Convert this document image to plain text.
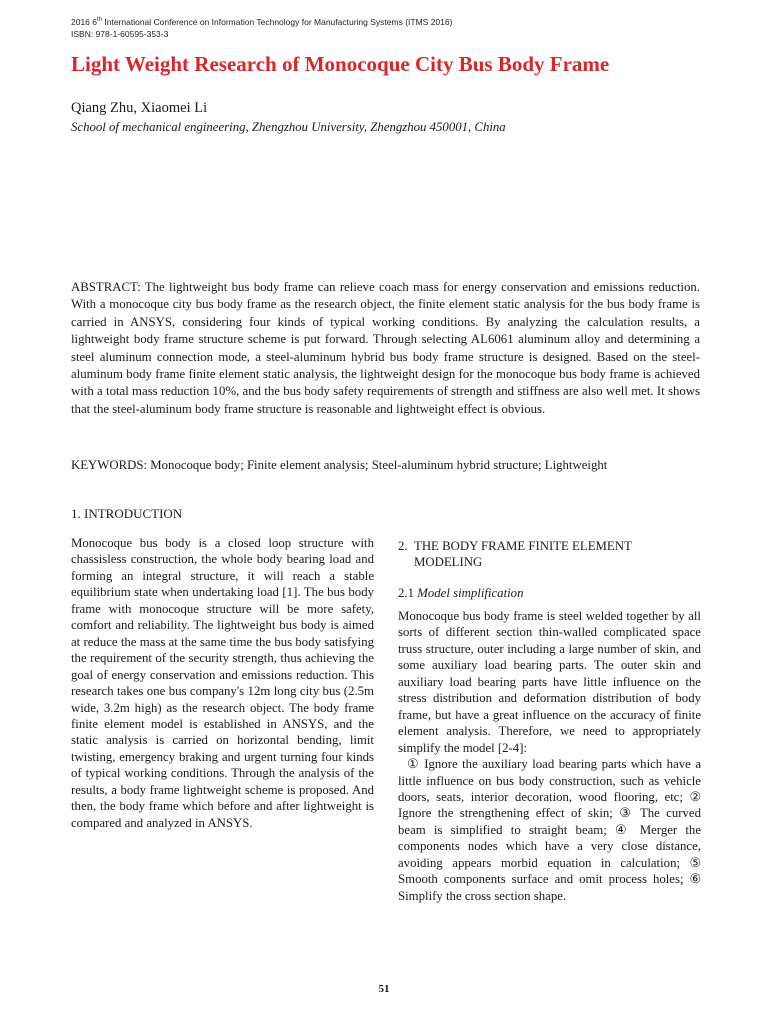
2016 6th International Conference on Information Technology for Manufacturing Systems (ITMS 2016)
ISBN: 978-1-60595-353-3
Light Weight Research of Monocoque City Bus Body Frame
Qiang Zhu, Xiaomei Li
School of mechanical engineering, Zhengzhou University, Zhengzhou 450001, China
ABSTRACT: The lightweight bus body frame can relieve coach mass for energy conservation and emissions reduction. With a monocoque city bus body frame as the research object, the finite element static analysis for the bus body frame is carried in ANSYS, considering four kinds of typical working conditions. By analyzing the calculation results, a lightweight body frame structure scheme is put forward. Through selecting AL6061 aluminum alloy and determining a steel aluminum connection mode, a steel-aluminum hybrid bus body frame structure is designed. Based on the steel-aluminum body frame finite element static analysis, the lightweight design for the monocoque bus body frame is achieved with a total mass reduction 10%, and the bus body safety requirements of strength and stiffness are also well met. It shows that the steel-aluminum body frame structure is reasonable and lightweight effect is obvious.
KEYWORDS: Monocoque body; Finite element analysis; Steel-aluminum hybrid structure; Lightweight
1. INTRODUCTION
Monocoque bus body is a closed loop structure with chassisless construction, the whole body bearing load and forming an integral structure, it will reach a stable equilibrium state when undertaking load [1]. The bus body frame with monocoque structure will be more safety, comfort and reliability. The lightweight bus body is aimed at reduce the mass at the same time the bus body satisfying the requirement of the security strength, thus achieving the goal of energy conservation and emissions reduction. This research takes one bus company's 12m long city bus (2.5m wide, 3.2m high) as the research object. The body frame finite element model is established in ANSYS, and the static analysis is carried on horizontal bending, limit twisting, emergency braking and urgent turning four kinds of typical working conditions. Through the analysis of the results, a body frame lightweight scheme is proposed. And then, the body frame which before and after lightweight is compared and analyzed in ANSYS.
2. THE BODY FRAME FINITE ELEMENT
MODELING
2.1 Model simplification
Monocoque bus body frame is steel welded together by all sorts of different section thin-walled complicated space truss structure, outer including a large number of skin, and some auxiliary load bearing parts. The outer skin and auxiliary load bearing parts have little influence on the stress distribution and deformation distribution of body frame, but have a great influence on the accuracy of finite element analysis. Therefore, we need to appropriately simplify the model [2-4]:
① Ignore the auxiliary load bearing parts which have a little influence on bus body construction, such as vehicle doors, seats, interior decoration, wood flooring, etc; ② Ignore the strengthening effect of skin; ③ The curved beam is simplified to straight beam; ④ Merger the components nodes which have a very close distance, avoiding appears morbid equation in calculation; ⑤ Smooth components surface and omit process holes; ⑥ Simplify the cross section shape.
51
